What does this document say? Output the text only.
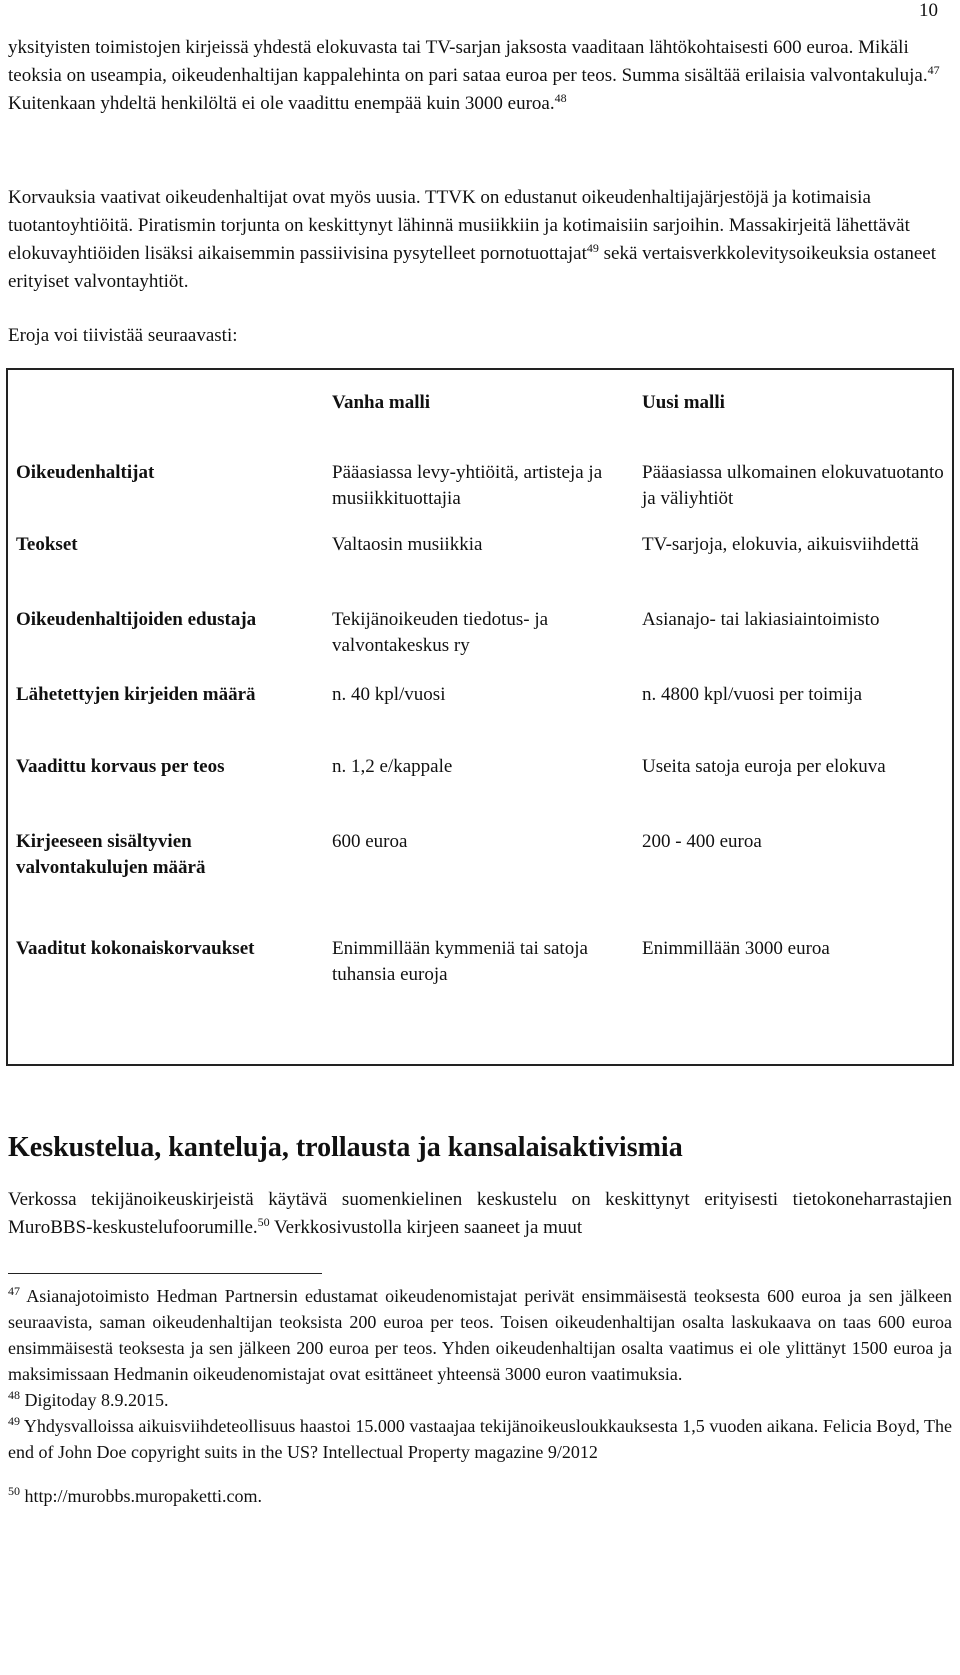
10

yksityisten toimistojen kirjeissä yhdestä elokuvasta tai TV-sarjan jaksosta vaaditaan lähtökohtaisesti 600 euroa. Mikäli teoksia on useampia, oikeudenhaltijan kappalehinta on pari sataa euroa per teos. Summa sisältää erilaisia valvontakuluja.$^{47}$ Kuitenkaan yhdeltä henkilöltä ei ole vaadittu enempää kuin 3000 euroa.$^{48}$

Korvauksia vaativat oikeudenhaltijat ovat myös uusia. TTVK on edustanut oikeudenhaltijajärjestöjä ja kotimaisia tuotantoyhtiöitä. Piratismin torjunta on keskittynyt lähinnä musiikkiin ja kotimaisiin sarjoihin. Massakirjeitä lähettävät elokuvayhtiöiden lisäksi aikaisemmin passiivisina pysytelleet pornotuottajat$^{49}$ sekä vertaisverkkolevitysoikeuksia ostaneet erityiset valvontayhtiöt.

Eroja voi tiivistää seuraavasti:

	Vanha malli	Uusi malli
Oikeudenhaltijat	Pääasiassa levy-yhtiöitä, artisteja ja musiikkituottajia	Pääasiassa ulkomainen elokuvatuotanto ja väliyhtiöt
Teokset	Valtaosin musiikkia	TV-sarjoja, elokuvia, aikuisviihdettä
Oikeudenhaltijoiden edustaja	Tekijänoikeuden tiedotus- ja valvontakeskus ry	Asianajo- tai lakiasiaintoimisto
Lähetettyjen kirjeiden määrä	n. 40 kpl/vuosi	n. 4800 kpl/vuosi per toimija
Vaadittu korvaus per teos	n. 1,2 e/kappale	Useita satoja euroja per elokuva
Kirjeeseen sisältyvien valvontakulujen määrä	600 euroa	200 - 400 euroa
Vaaditut kokonaiskorvaukset	Enimmillään kymmeniä tai satoja tuhansia euroja	Enimmillään 3000 euroa
Keskustelua, kanteluja, trollausta ja kansalaisaktivismia

Verkossa tekijänoikeuskirjeistä käytävä suomenkielinen keskustelu on keskittynyt erityisesti tietokoneharrastajien MuroBBS-keskustelufoorumille.$^{50}$ Verkkosivustolla kirjeen saaneet ja muut

$^{47}$ Asianajotoimisto Hedman Partnersin edustamat oikeudenomistajat perivät ensimmäisestä teoksesta 600 euroa ja sen jälkeen seuraavista, saman oikeudenhaltijan teoksista 200 euroa per teos. Toisen oikeudenhaltijan osalta laskukaava on taas 600 euroa ensimmäisestä teoksesta ja sen jälkeen 200 euroa per teos. Yhden oikeudenhaltijan osalta vaatimus ei ole ylittänyt 1500 euroa ja maksimissaan Hedmanin oikeudenomistajat ovat esittäneet yhteensä 3000 euron vaatimuksia.

$^{48}$ Digitoday 8.9.2015.

$^{49}$ Yhdysvalloissa aikuisviihdeteollisuus haastoi 15.000 vastaajaa tekijänoikeusloukkauksesta 1,5 vuoden aikana. Felicia Boyd, The end of John Doe copyright suits in the US? Intellectual Property magazine 9/2012

$^{50}$ http://murobbs.muropaketti.com.
